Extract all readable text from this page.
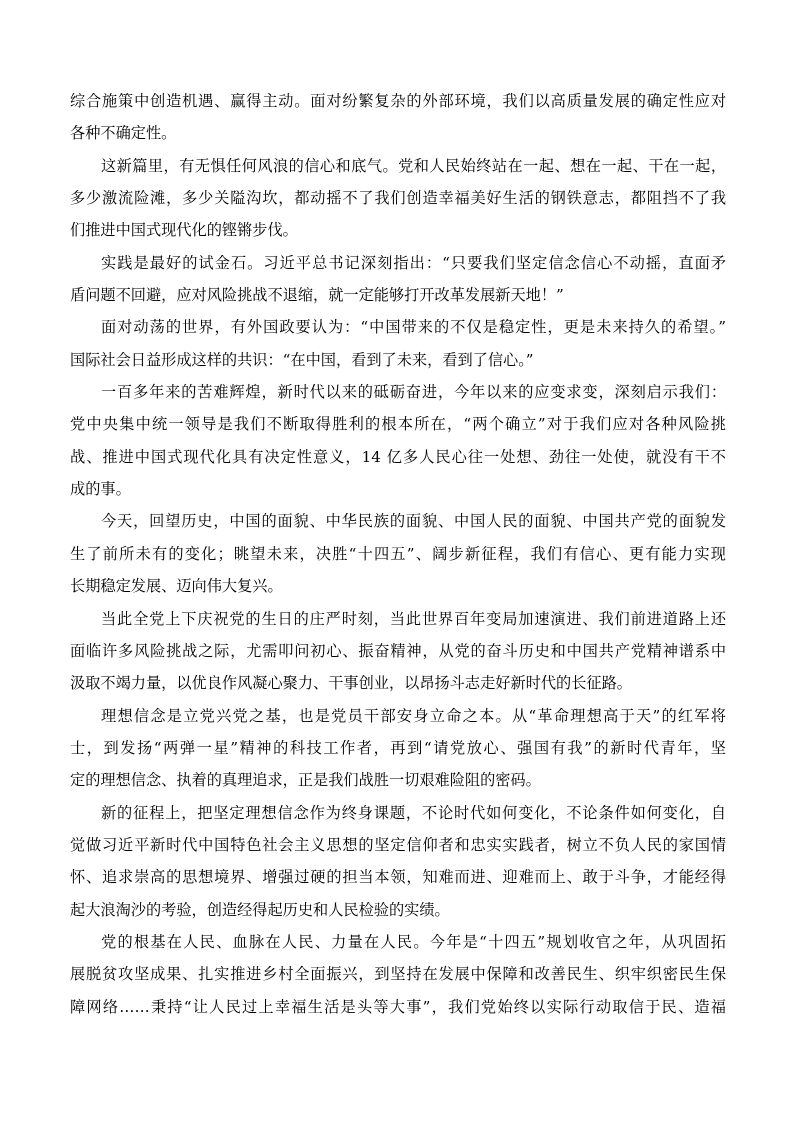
综合施策中创造机遇、赢得主动。面对纷繁复杂的外部环境，我们以高质量发展的确定性应对
各种不确定性。
这新篇里，有无惧任何风浪的信心和底气。党和人民始终站在一起、想在一起、干在一起，
多少激流险滩，多少关隘沟坎，都动摇不了我们创造幸福美好生活的钢铁意志，都阻挡不了我
们推进中国式现代化的铿锵步伐。
实践是最好的试金石。习近平总书记深刻指出：“只要我们坚定信念信心不动摇，直面矛
盾问题不回避，应对风险挑战不退缩，就一定能够打开改革发展新天地！”
面对动荡的世界，有外国政要认为：“中国带来的不仅是稳定性，更是未来持久的希望。”
国际社会日益形成这样的共识：“在中国，看到了未来，看到了信心。”
一百多年来的苦难辉煌，新时代以来的砥砺奋进，今年以来的应变求变，深刻启示我们：
党中央集中统一领导是我们不断取得胜利的根本所在，“两个确立”对于我们应对各种风险挑
战、推进中国式现代化具有决定性意义，14 亿多人民心往一处想、劲往一处使，就没有干不
成的事。
今天，回望历史，中国的面貌、中华民族的面貌、中国人民的面貌、中国共产党的面貌发
生了前所未有的变化；眺望未来，决胜“十四五”、阔步新征程，我们有信心、更有能力实现
长期稳定发展、迈向伟大复兴。
当此全党上下庆祝党的生日的庄严时刻，当此世界百年变局加速演进、我们前进道路上还
面临许多风险挑战之际，尤需叩问初心、振奋精神，从党的奋斗历史和中国共产党精神谱系中
汲取不竭力量，以优良作风凝心聚力、干事创业，以昂扬斗志走好新时代的长征路。
理想信念是立党兴党之基，也是党员干部安身立命之本。从“革命理想高于天”的红军将
士，到发扬“两弹一星”精神的科技工作者，再到“请党放心、强国有我”的新时代青年，坚
定的理想信念、执着的真理追求，正是我们战胜一切艰难险阻的密码。
新的征程上，把坚定理想信念作为终身课题，不论时代如何变化，不论条件如何变化，自
觉做习近平新时代中国特色社会主义思想的坚定信仰者和忠实实践者，树立不负人民的家国情
怀、追求崇高的思想境界、增强过硬的担当本领，知难而进、迎难而上、敢于斗争，才能经得
起大浪淘沙的考验，创造经得起历史和人民检验的实绩。
党的根基在人民、血脉在人民、力量在人民。今年是“十四五”规划收官之年，从巩固拓
展脱贫攻坚成果、扎实推进乡村全面振兴，到坚持在发展中保障和改善民生、织牢织密民生保
障网络……秉持“让人民过上幸福生活是头等大事”，我们党始终以实际行动取信于民、造福
